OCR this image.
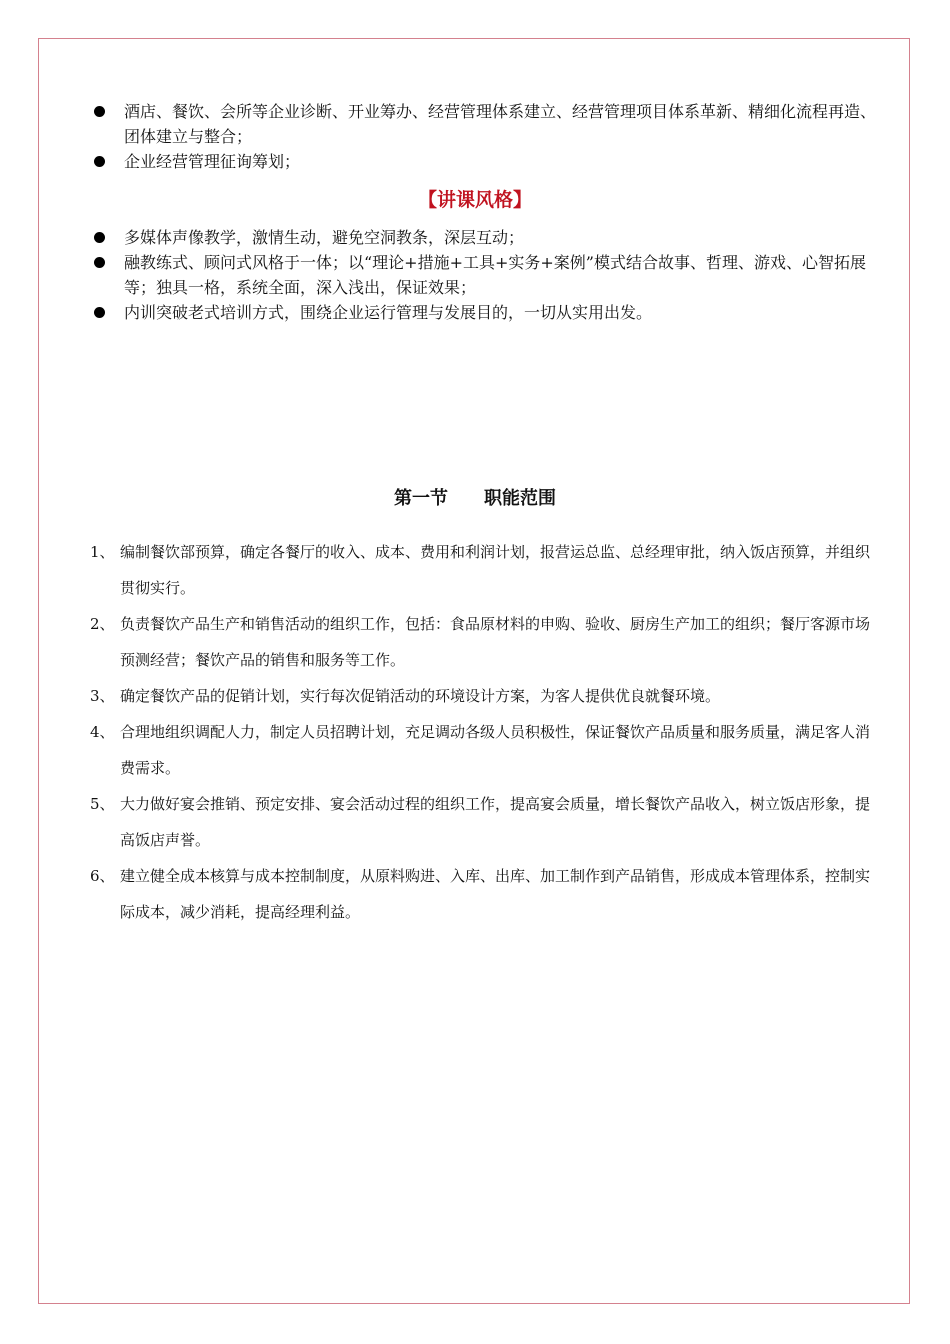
酒店、餐饮、会所等企业诊断、开业筹办、经营管理体系建立、经营管理项目体系革新、精细化流程再造、团体建立与整合；
企业经营管理征询筹划；
【讲课风格】
多媒体声像教学，激情生动，避免空洞教条，深层互动；
融教练式、顾问式风格于一体；以“理论+措施+工具+实务+案例”模式结合故事、哲理、游戏、心智拓展等；独具一格，系统全面，深入浅出，保证效果；
内训突破老式培训方式，围绕企业运行管理与发展目的，一切从实用出发。
第一节　　职能范围
1、 编制餐饮部预算，确定各餐厅的收入、成本、费用和利润计划，报营运总监、总经理审批，纳入饭店预算，并组织贯彻实行。
2、 负责餐饮产品生产和销售活动的组织工作，包括：食品原材料的申购、验收、厨房生产加工的组织；餐厅客源市场预测经营；餐饮产品的销售和服务等工作。
3、 确定餐饮产品的促销计划，实行每次促销活动的环境设计方案，为客人提供优良就餐环境。
4、 合理地组织调配人力，制定人员招聘计划，充足调动各级人员积极性，保证餐饮产品质量和服务质量，满足客人消费需求。
5、 大力做好宴会推销、预定安排、宴会活动过程的组织工作，提高宴会质量，增长餐饮产品收入，树立饭店形象，提高饭店声誉。
6、 建立健全成本核算与成本控制制度，从原料购进、入库、出库、加工制作到产品销售，形成成本管理体系，控制实际成本，减少消耗，提高经理利益。
